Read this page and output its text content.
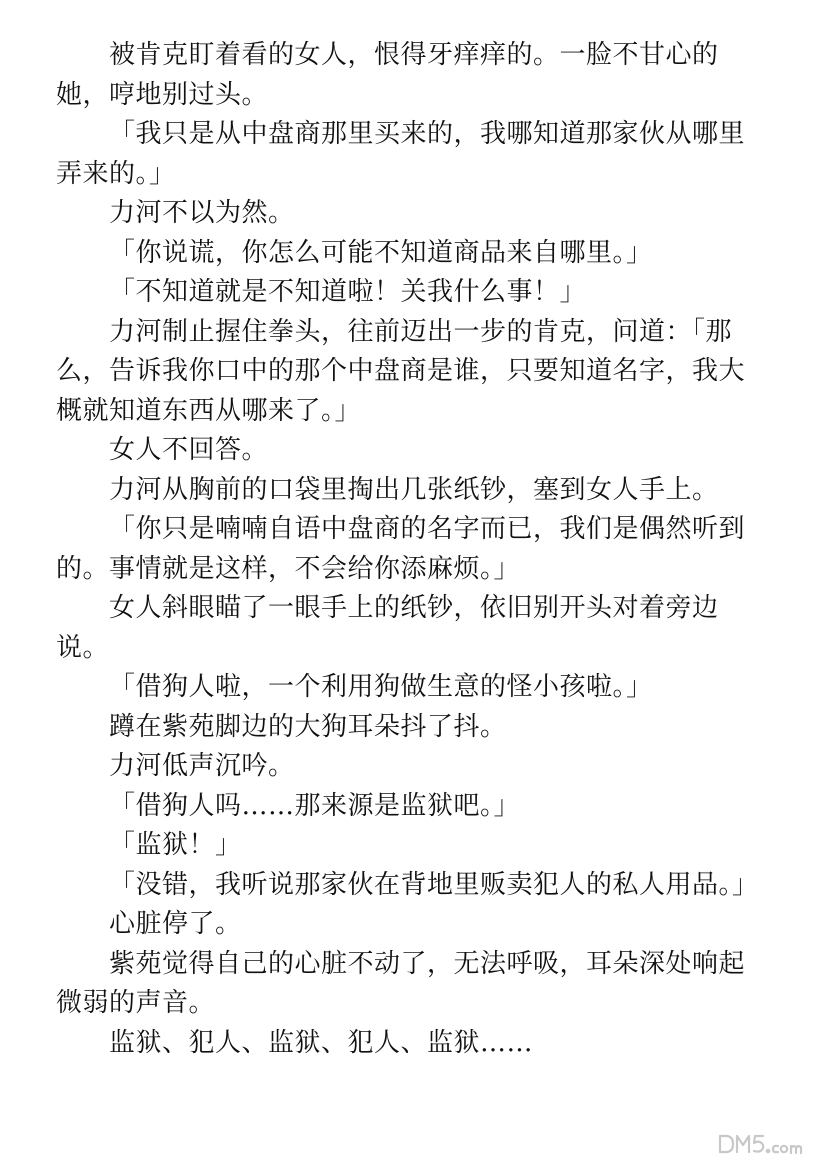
被肯克盯着看的女人，恨得牙痒痒的。一脸不甘心的她，哼地别过头。

「我只是从中盘商那里买来的，我哪知道那家伙从哪里弄来的。」

力河不以为然。

「你说谎，你怎么可能不知道商品来自哪里。」

「不知道就是不知道啦！关我什么事！」

力河制止握住拳头，往前迈出一步的肯克，问道：「那么，告诉我你口中的那个中盘商是谁，只要知道名字，我大概就知道东西从哪来了。」

女人不回答。

力河从胸前的口袋里掏出几张纸钞，塞到女人手上。

「你只是喃喃自语中盘商的名字而已，我们是偶然听到的。事情就是这样，不会给你添麻烦。」

女人斜眼瞄了一眼手上的纸钞，依旧别开头对着旁边说。

「借狗人啦，一个利用狗做生意的怪小孩啦。」

蹲在紫苑脚边的大狗耳朵抖了抖。

力河低声沉吟。

「借狗人吗……那来源是监狱吧。」

「监狱！」

「没错，我听说那家伙在背地里贩卖犯人的私人用品。」

心脏停了。

紫苑觉得自己的心脏不动了，无法呼吸，耳朵深处响起微弱的声音。

监狱、犯人、监狱、犯人、监狱……
